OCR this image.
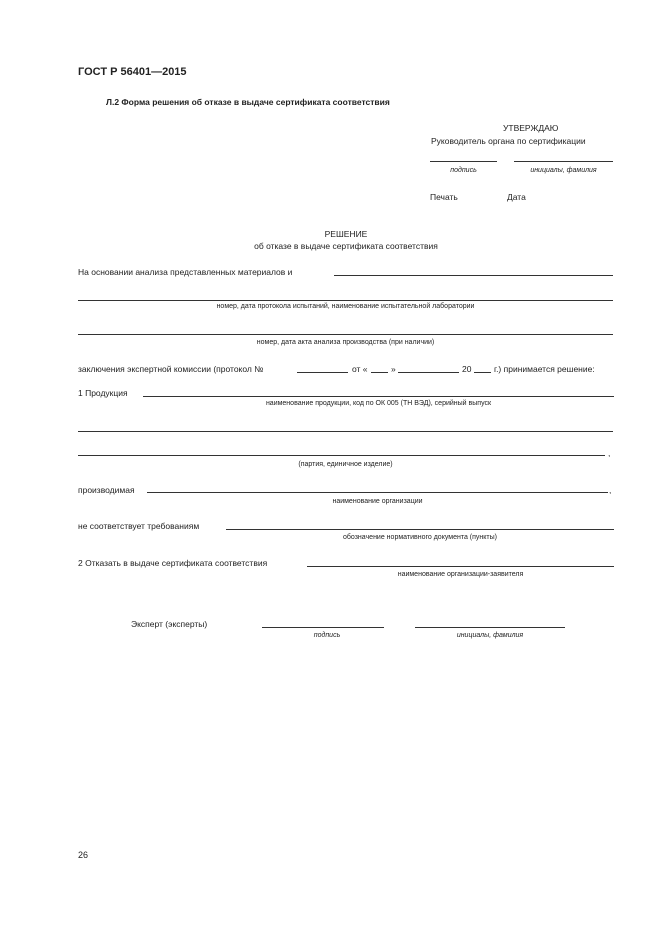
ГОСТ Р 56401—2015
Л.2 Форма решения об отказе в выдаче сертификата соответствия
УТВЕРЖДАЮ
Руководитель органа по сертификации
подпись	инициалы, фамилия
Печать	Дата
РЕШЕНИЕ
об отказе в выдаче сертификата соответствия
На основании анализа представленных материалов и
номер, дата протокола испытаний, наименование испытательной лаборатории
номер, дата акта анализа производства (при наличии)
заключения экспертной комиссии (протокол №	от «	»	20	г.) принимается решение:
1 Продукция
наименование продукции, код по ОК 005 (ТН ВЭД), серийный выпуск
,
(партия, единичное изделие)
производимая	,
наименование организации
не соответствует требованиям
обозначение нормативного документа (пункты)
2 Отказать в выдаче сертификата соответствия
наименование организации-заявителя
Эксперт (эксперты)
подпись	инициалы, фамилия
26
